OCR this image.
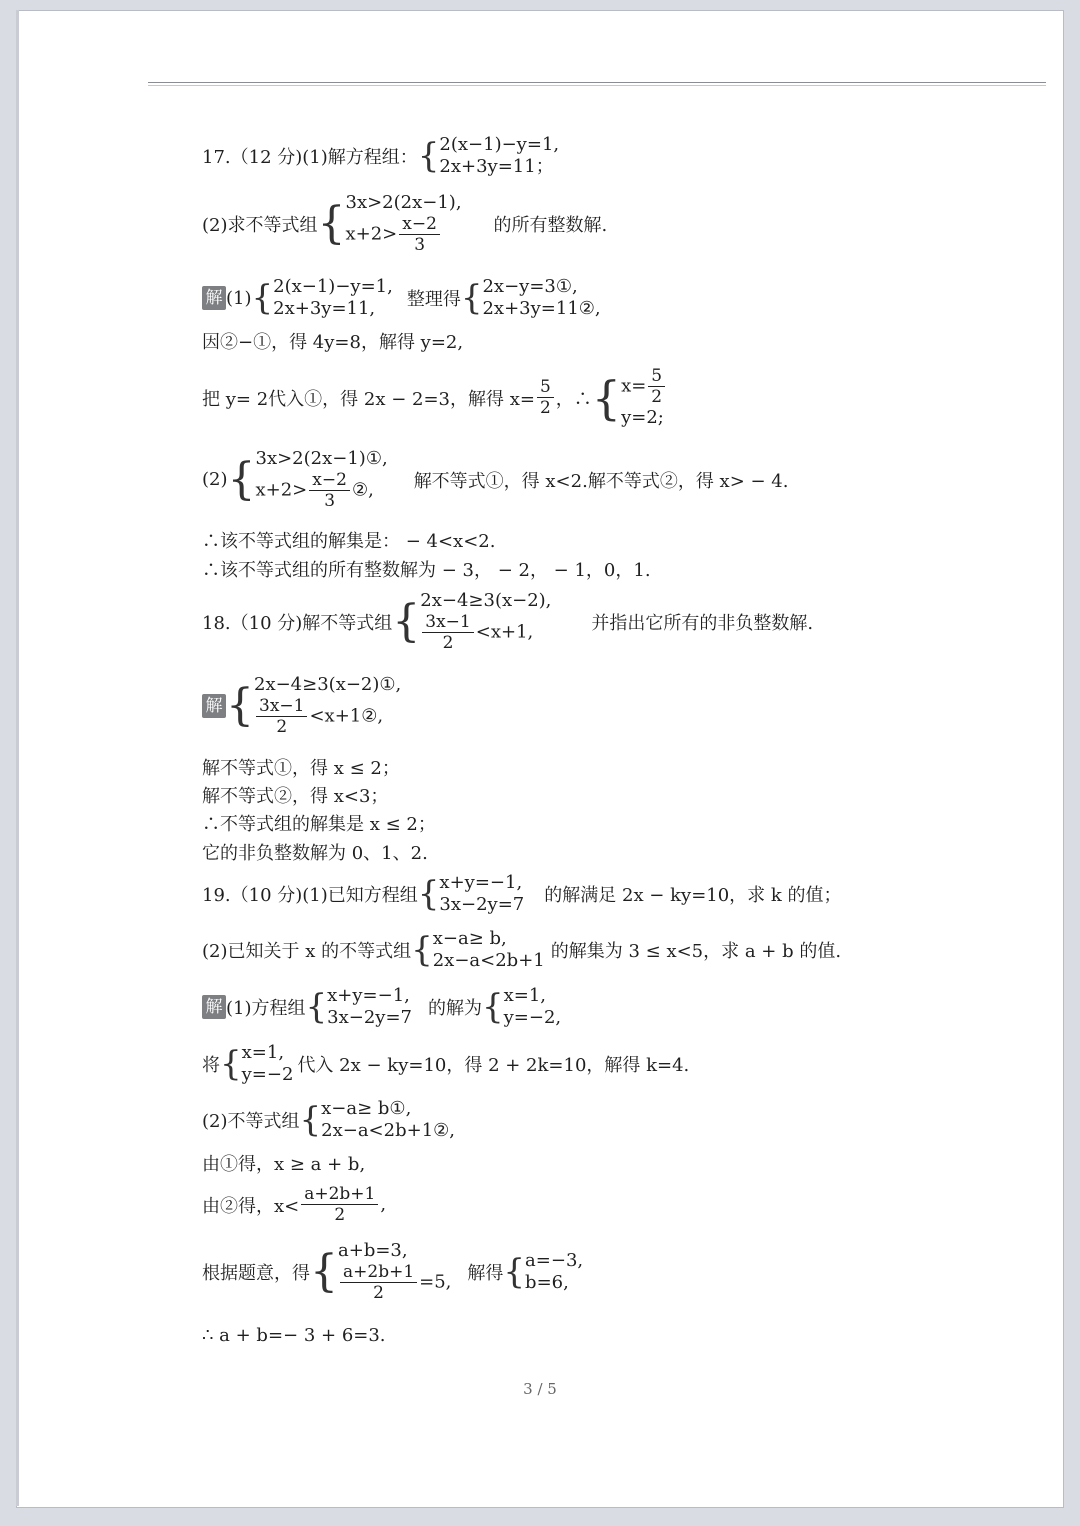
17.（12 分)(1)解方程组： { 2(x−1)−y=1,
2x+3y=11；
(2)求不等式组 { 3x>2(2x−1),
$x+2> \frac{x-2}{3}$	的所有整数解.
解 (1) { 2(x−1)−y=1,
2x+3y=11,	整理得 { 2x−y=3①,
2x+3y=11②,
因②−①，得 4y=8，解得 y=2,
把 y= 2代入①，得 2x − 2=3，解得 $x= \frac{5}{2}$ ，∴ { $x= \frac{5}{2}$
y=2;
(2) { 3x>2(2x−1)①,
$x+2> \frac{x-2}{3}$ ②,	解不等式①，得 x<2.解不等式②，得 x> − 4.
∴该不等式组的解集是： − 4<x<2.
∴该不等式组的所有整数解为 − 3， − 2， − 1，0，1.
18.（10 分)解不等式组 { 2x−4≥3(x−2),
$\frac{3x-1}{2} <x+1$,	并指出它所有的非负整数解.
解 { 2x−4≥3(x−2)①,
$\frac{3x-1}{2}$ <x+1②,
解不等式①，得 x ≤ 2；
解不等式②，得 x<3；
∴不等式组的解集是 x ≤ 2；
它的非负整数解为 0、1、2.
19.（10 分)(1)已知方程组 { x+y=−1,
3x−2y=7 的解满足 2x − ky=10，求 k 的值；
(2)已知关于 x 的不等式组 { x−a≥ b,
2x−a<2b+1 的解集为 3 ≤ x<5，求 a + b 的值.
解 (1)方程组 { x+y=−1,
3x−2y=7 的解为 { x=1,
y=−2,
将 { x=1,
y=−2 代入 2x − ky=10，得 2 + 2k=10，解得 k=4.
(2)不等式组 { x−a≥ b①,
2x−a<2b+1②,
由①得，x ≥ a + b,
由②得，$x< \frac{a+2b+1}{2}$ ,
根据题意，得 { a+b=3,
$\frac{a+2b+1}{2} =5$, 解得 { a=−3,
b=6,
∴ a + b=− 3 + 6=3.
3 / 5
